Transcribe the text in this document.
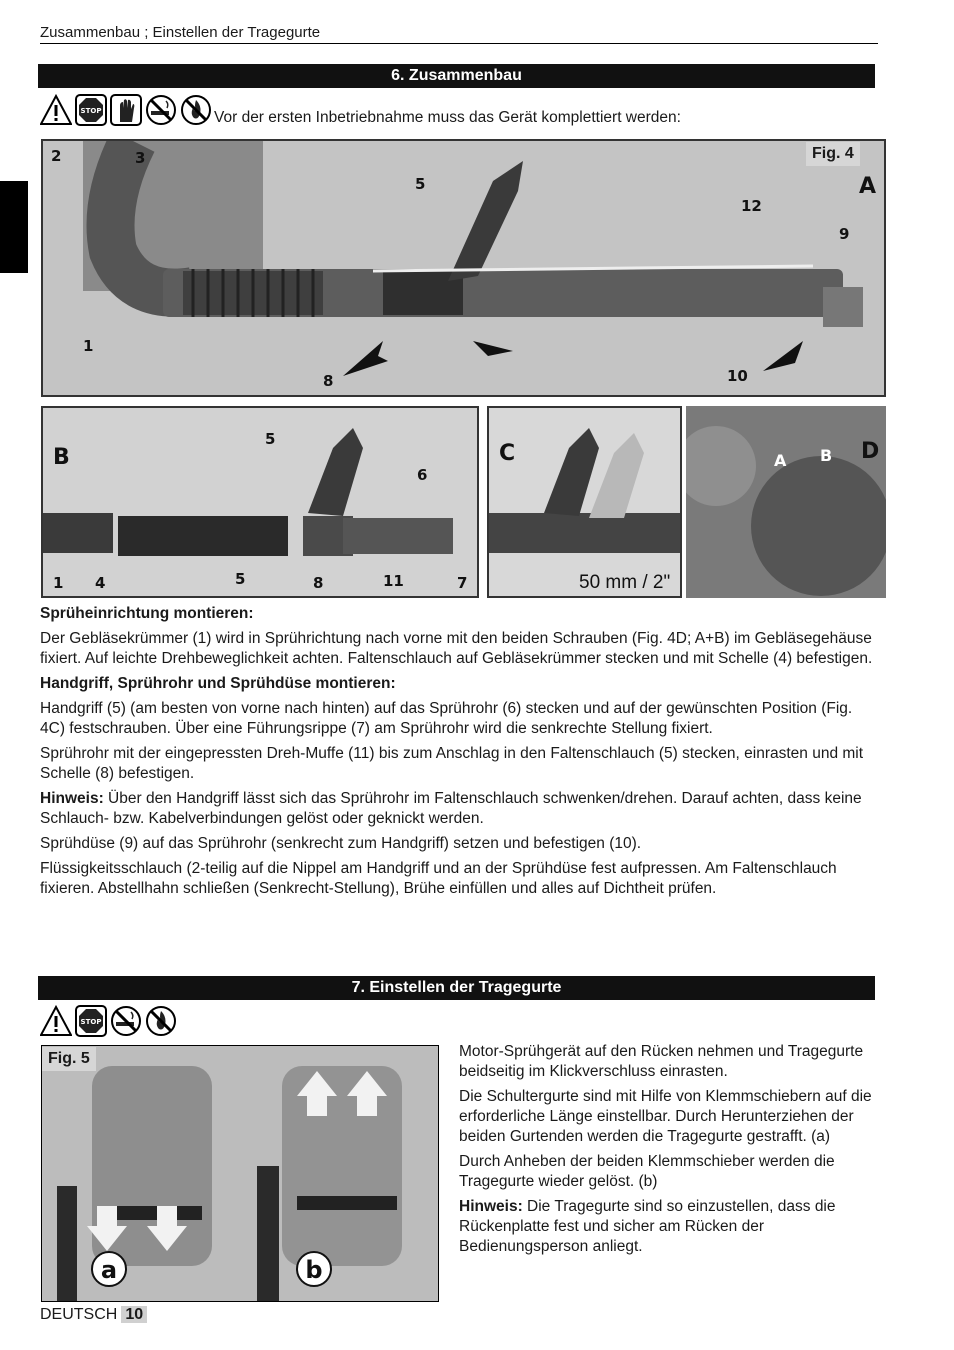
Zusammenbau ; Einstellen der Tragegurte
6. Zusammenbau
STOP	Vor der ersten Inbetriebnahme muss das Gerät komplettiert werden:
A
2	3
1
5
8
9
10
12
Fig. 4
B
1 4
5
5
6
7
8	11
C
50 mm / 2"
D
A B

Sprüheinrichtung montieren:

Der Gebläsekrümmer (1) wird in Sprührichtung nach vorne mit den beiden Schrauben (Fig. 4D; A+B) im Gebläsegehäuse fixiert. Auf leichte Drehbeweglichkeit achten. Faltenschlauch auf Gebläsekrümmer stecken und mit Schelle (4) befestigen.

Handgriff, Sprührohr und Sprühdüse montieren:

Handgriff (5) (am besten von vorne nach hinten) auf das Sprührohr (6) stecken und auf der gewünschten Position (Fig. 4C) festschrauben. Über eine Führungsrippe (7) am Sprührohr wird die senkrechte Stellung fixiert.

Sprührohr mit der eingepressten Dreh-Muffe (11) bis zum Anschlag in den Faltenschlauch (5) stecken, einrasten und mit Schelle (8) befestigen.

Hinweis: Über den Handgriff lässt sich das Sprührohr im Faltenschlauch schwenken/drehen. Darauf achten, dass keine Schlauch- bzw. Kabelverbindungen gelöst oder geknickt werden.

Sprühdüse (9) auf das Sprührohr (senkrecht zum Handgriff) setzen und befestigen (10).

Flüssigkeitsschlauch (2-teilig auf die Nippel am Handgriff und an der Sprühdüse fest aufpressen. Am Faltenschlauch fixieren. Abstellhahn schließen (Senkrecht-Stellung), Brühe einfüllen und alles auf Dichtheit prüfen.

7. Einstellen der Tragegurte
STOP
a	b
Fig. 5	Motor-Sprühgerät auf den Rücken nehmen und Tragegurte beidseitig im Klickverschluss einrasten.

Die Schultergurte sind mit Hilfe von Klemmschiebern auf die erforderliche Länge einstellbar. Durch Herunterziehen der beiden Gurtenden werden die Tragegurte gestrafft. (a)

Durch Anheben der beiden Klemmschieber werden die Tragegurte wieder gelöst. (b)

Hinweis: Die Tragegurte sind so einzustellen, dass die Rückenplatte fest und sicher am Rücken der Bedienungsperson anliegt.

DEUTSCH 10
